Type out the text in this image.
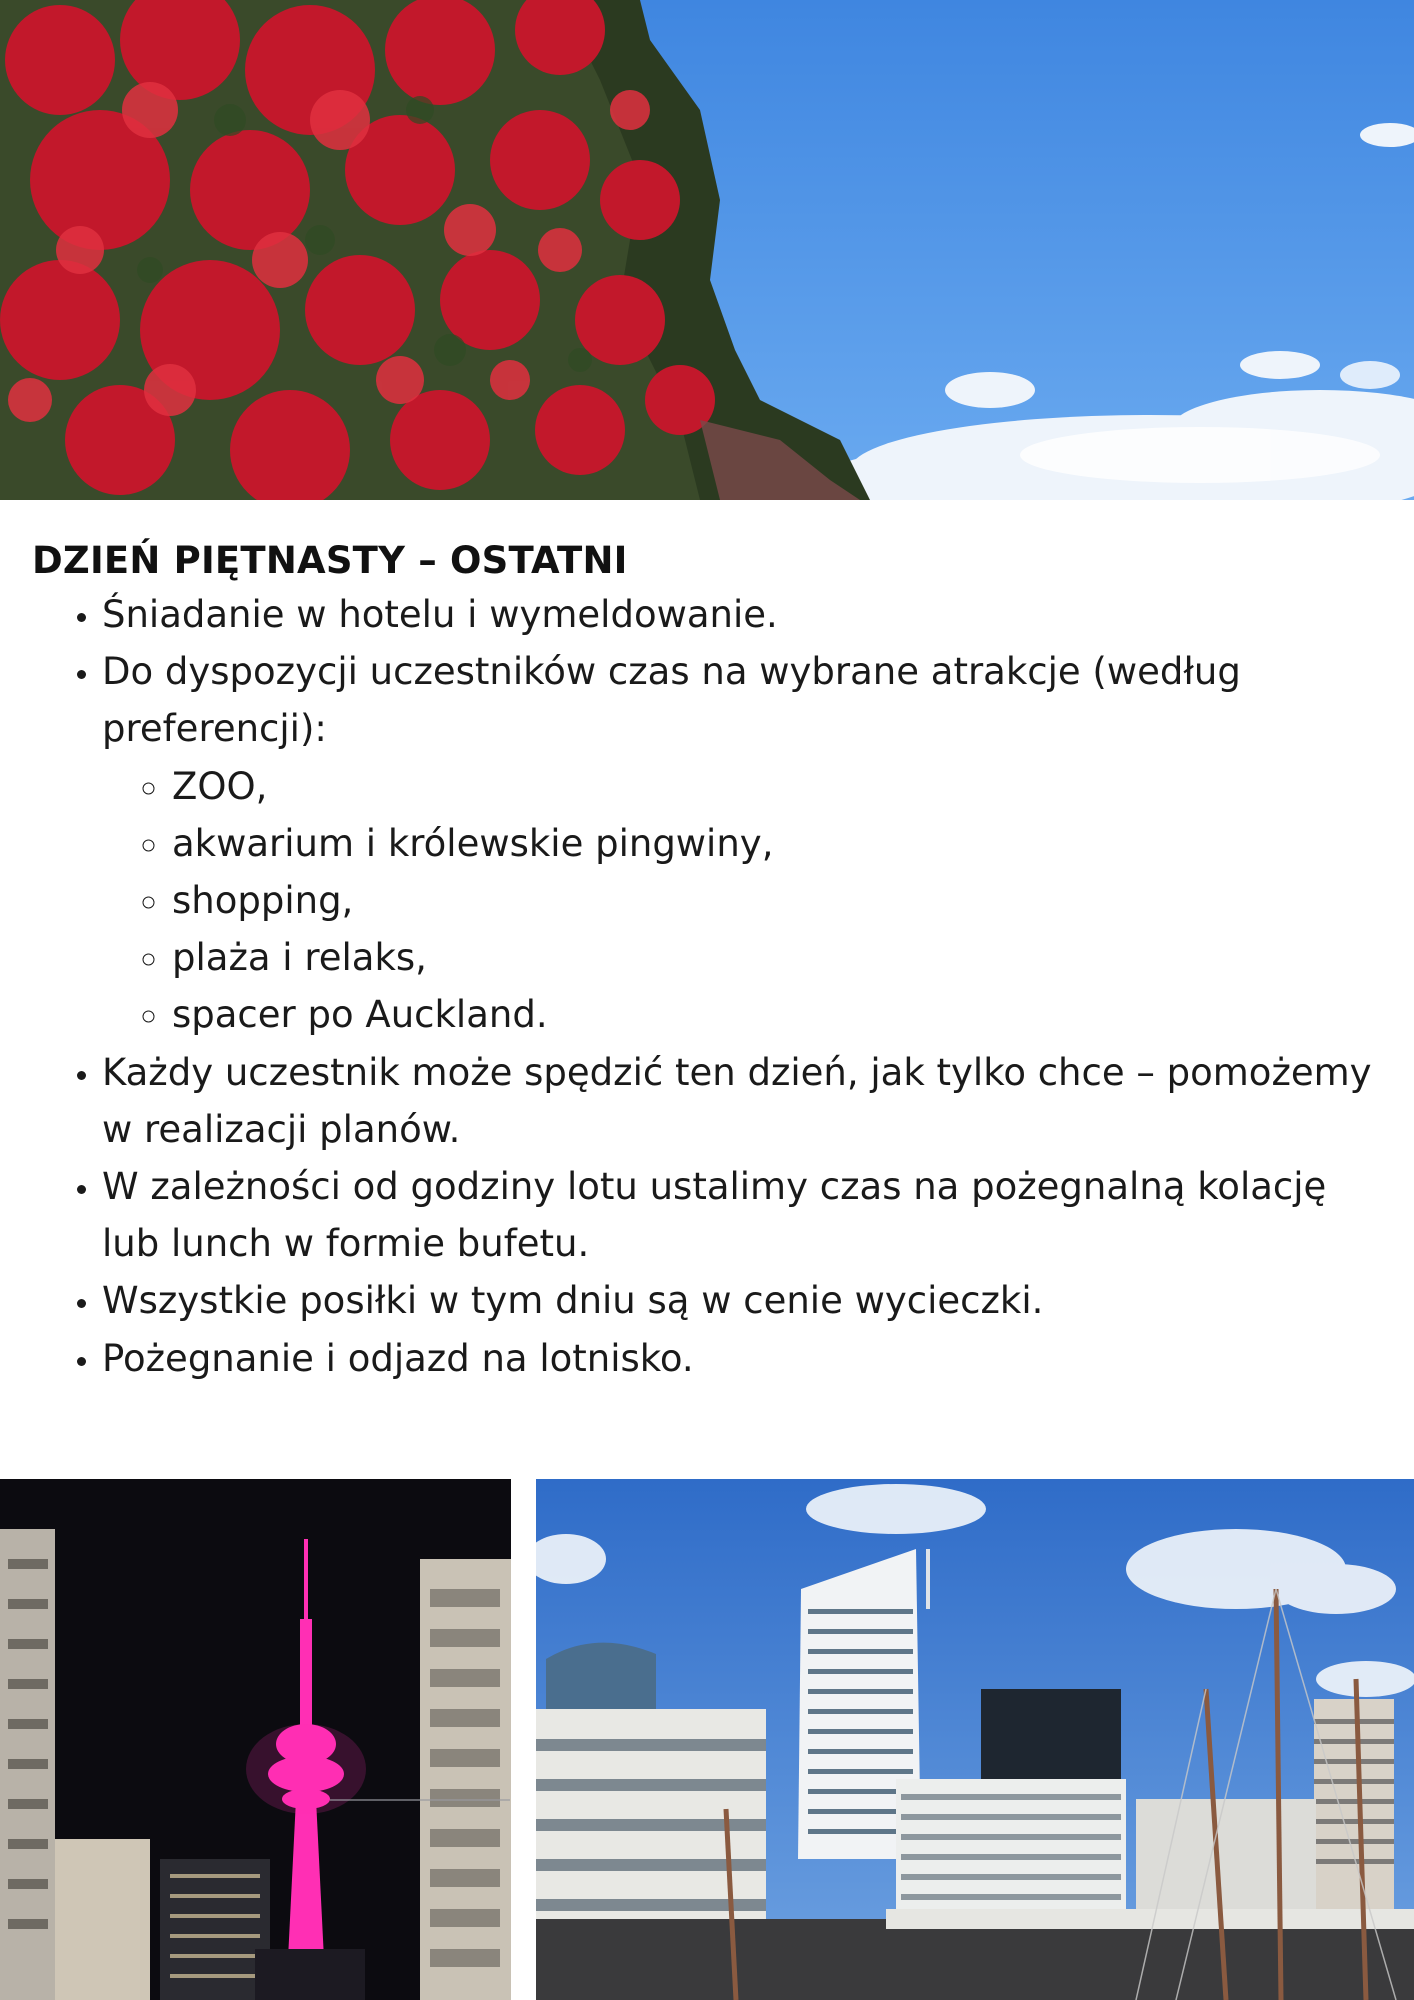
DZIEŃ PIĘTNASTY – OSTATNI
• Śniadanie w hotelu i wymeldowanie.
• Do dyspozycji uczestników czas na wybrane atrakcje (według preferencji):
◦ ZOO,
◦ akwarium i królewskie pingwiny,
◦ shopping,
◦ plaża i relaks,
◦ spacer po Auckland.
• Każdy uczestnik może spędzić ten dzień, jak tylko chce – pomożemy w realizacji planów.
• W zależności od godziny lotu ustalimy czas na pożegnalną kolację lub lunch w formie bufetu.
• Wszystkie posiłki w tym dniu są w cenie wycieczki.
• Pożegnanie i odjazd na lotnisko.
